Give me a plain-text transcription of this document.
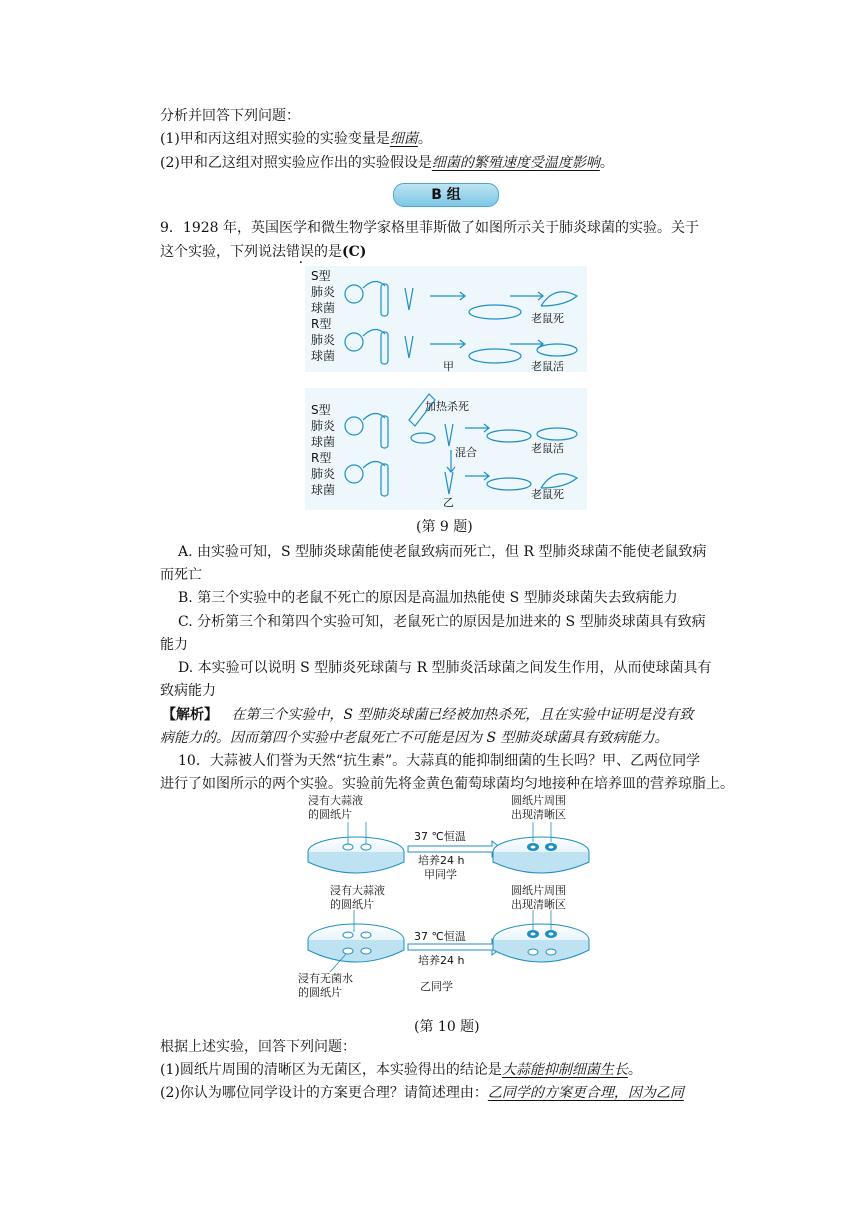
分析并回答下列问题：
(1)甲和丙这组对照实验的实验变量是细菌。
(2)甲和乙这组对照实验应作出的实验假设是细菌的繁殖速度受温度影响。
B 组
9．1928 年，英国医学和微生物学家格里菲斯做了如图所示关于肺炎球菌的实验。关于
这个实验，下列说法错误的是(C)
S型
肺炎
球菌
R型
肺炎
球菌
老鼠死
老鼠活
甲
S型
肺炎
球菌
R型
肺炎
球菌
加热杀死
混合	老鼠活
老鼠死
乙
(第 9 题)
A. 由实验可知，S 型肺炎球菌能使老鼠致病而死亡，但 R 型肺炎球菌不能使老鼠致病
而死亡
B. 第三个实验中的老鼠不死亡的原因是高温加热能使 S 型肺炎球菌失去致病能力
C. 分析第三个和第四个实验可知，老鼠死亡的原因是加进来的 S 型肺炎球菌具有致病
能力
D. 本实验可以说明 S 型肺炎死球菌与 R 型肺炎活球菌之间发生作用，从而使球菌具有
致病能力
【解析】 在第三个实验中，S 型肺炎球菌已经被加热杀死，且在实验中证明是没有致
病能力的。因而第四个实验中老鼠死亡不可能是因为 S 型肺炎球菌具有致病能力。
10．大蒜被人们誉为天然“抗生素”。大蒜真的能抑制细菌的生长吗？甲、乙两位同学
进行了如图所示的两个实验。实验前先将金黄色葡萄球菌均匀地接种在培养皿的营养琼脂上。
浸有大蒜液
的圆纸片
圆纸片周围
出现清晰区
37 ℃恒温
培养24 h
甲同学
浸有大蒜液
的圆纸片
圆纸片周围
出现清晰区
37 ℃恒温
培养24 h
浸有无菌水
的圆纸片	乙同学
(第 10 题)
根据上述实验，回答下列问题：
(1)圆纸片周围的清晰区为无菌区，本实验得出的结论是大蒜能抑制细菌生长。
(2)你认为哪位同学设计的方案更合理？请简述理由：乙同学的方案更合理，因为乙同
